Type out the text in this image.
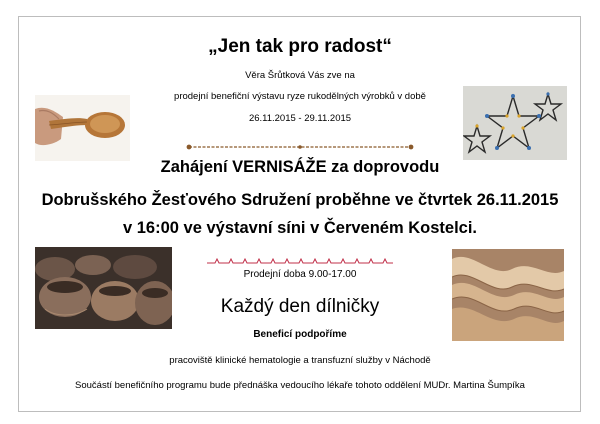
„Jen tak pro radost“
Věra Šrůtková Vás zve na
prodejní benefiční výstavu ryze rukodělných výrobků v době
26.11.2015 - 29.11.2015
Zahájení VERNISÁŽE za doprovodu
Dobrušského Žesťového Sdružení proběhne ve čtvrtek 26.11.2015
v 16:00 ve výstavní síni v Červeném Kostelci.
Prodejní doba 9.00-17.00
Každý den dílničky
Beneficí podpoříme
pracoviště klinické hematologie a transfuzní služby v Náchodě
Součástí benefičního programu bude přednáška vedoucího lékaře tohoto oddělení MUDr. Martina Šumpíka
